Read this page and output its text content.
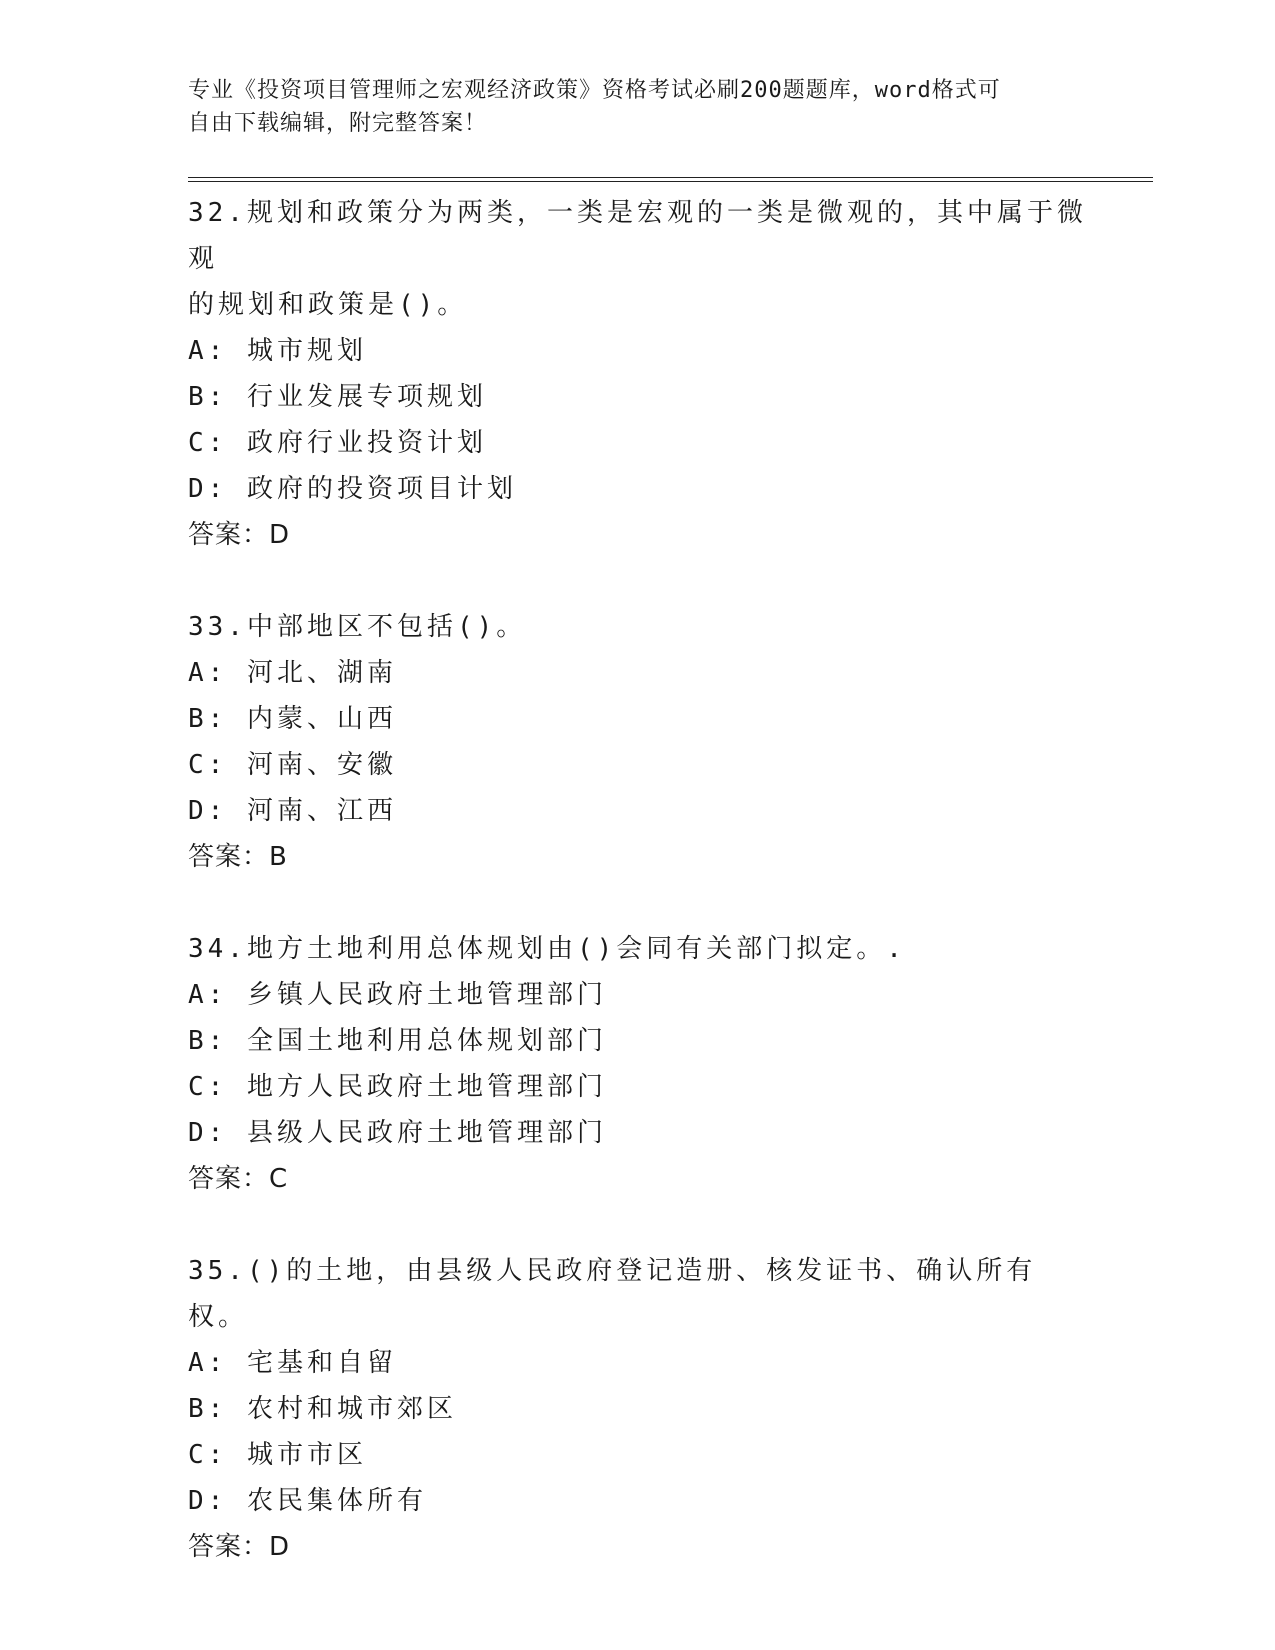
专业《投资项目管理师之宏观经济政策》资格考试必刷200题题库，word格式可
自由下载编辑，附完整答案！
32.规划和政策分为两类，一类是宏观的一类是微观的，其中属于微观
的规划和政策是()。
A: 城市规划
B: 行业发展专项规划
C: 政府行业投资计划
D: 政府的投资项目计划
答案：D
33.中部地区不包括()。
A: 河北、湖南
B: 内蒙、山西
C: 河南、安徽
D: 河南、江西
答案：B
34.地方土地利用总体规划由()会同有关部门拟定。.
A: 乡镇人民政府土地管理部门
B: 全国土地利用总体规划部门
C: 地方人民政府土地管理部门
D: 县级人民政府土地管理部门
答案：C
35.()的土地，由县级人民政府登记造册、核发证书、确认所有权。
A: 宅基和自留
B: 农村和城市郊区
C: 城市市区
D: 农民集体所有
答案：D
